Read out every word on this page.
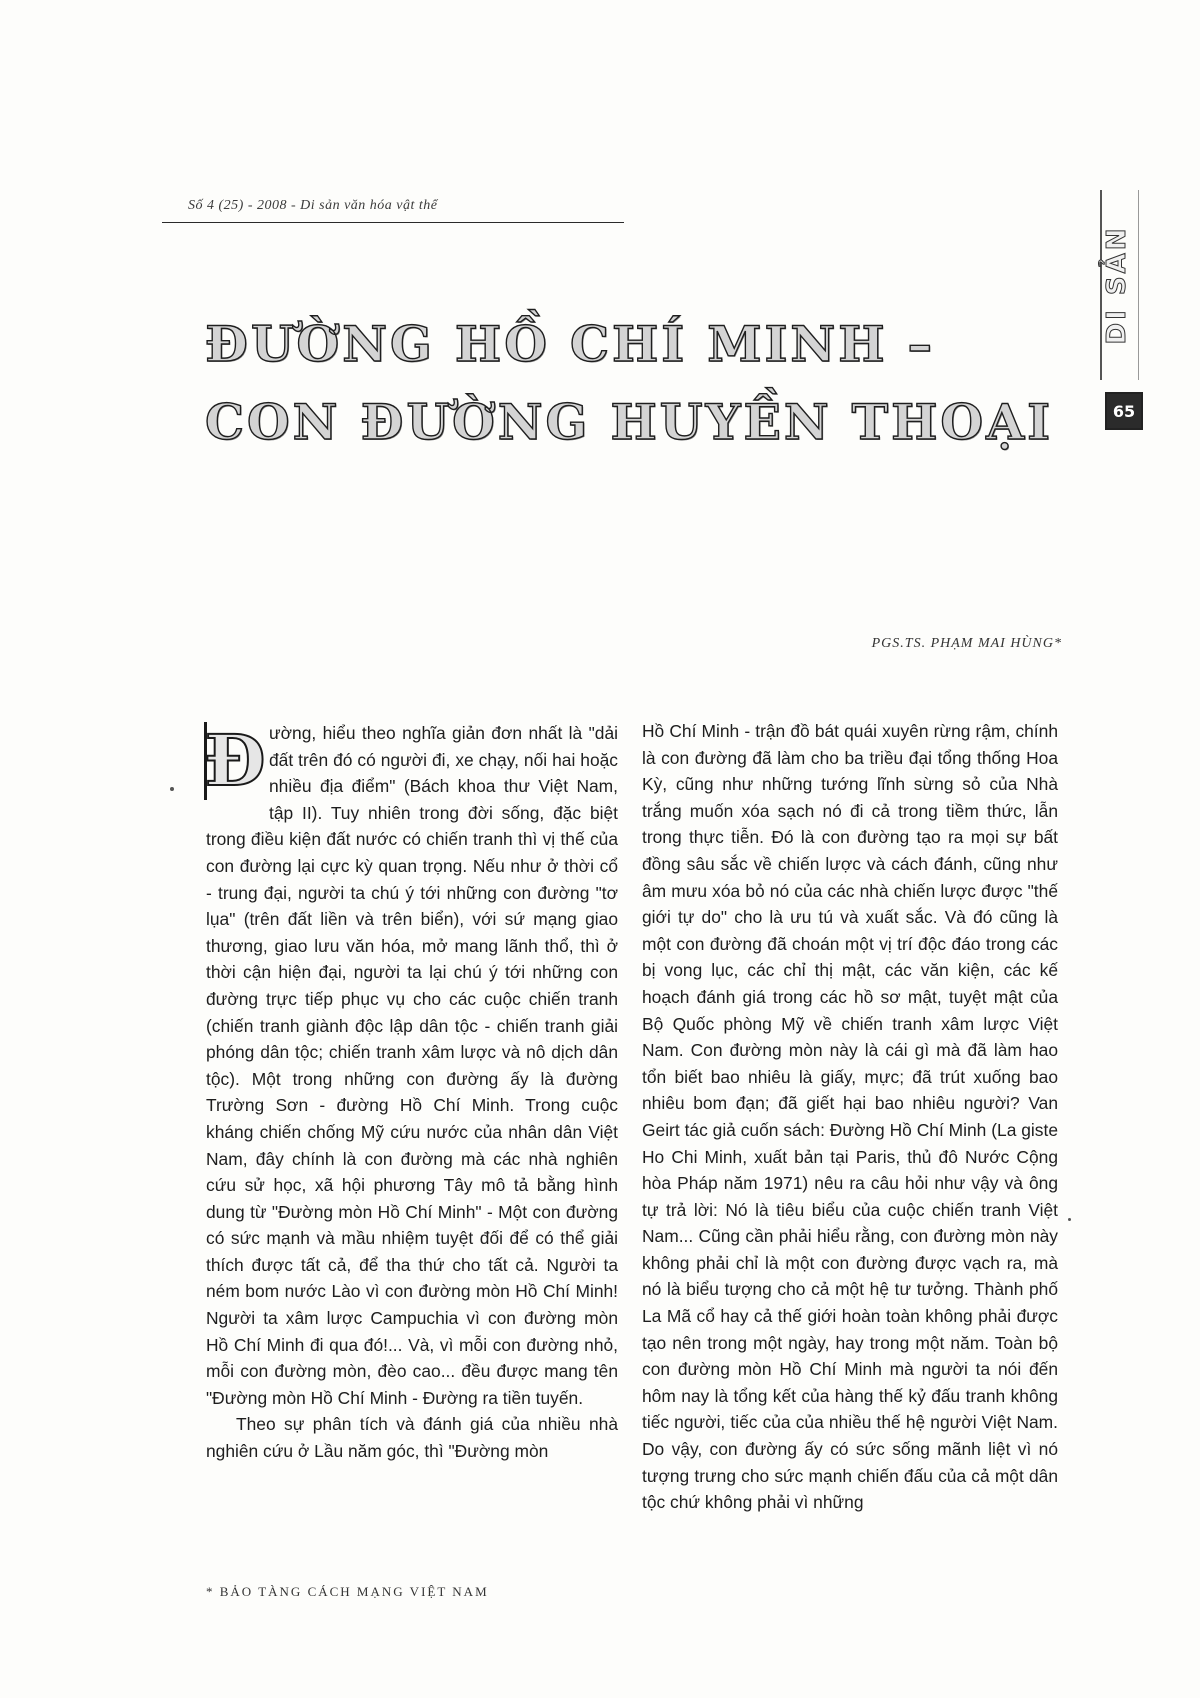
Số 4 (25) - 2008 - Di sản văn hóa vật thể
ĐƯỜNG HỒ CHÍ MINH –
CON ĐƯỜNG HUYỀN THOẠI
DI SẢN
65
PGS.TS. PHẠM MAI HÙNG*

Đ ường, hiểu theo nghĩa giản đơn nhất là "dải đất trên đó có người đi, xe chạy, nối hai hoặc nhiều địa điểm" (Bách khoa thư Việt Nam, tập II). Tuy nhiên trong đời sống, đặc biệt trong điều kiện đất nước có chiến tranh thì vị thế của con đường lại cực kỳ quan trọng. Nếu như ở thời cổ - trung đại, người ta chú ý tới những con đường "tơ lụa" (trên đất liền và trên biển), với sứ mạng giao thương, giao lưu văn hóa, mở mang lãnh thổ, thì ở thời cận hiện đại, người ta lại chú ý tới những con đường trực tiếp phục vụ cho các cuộc chiến tranh (chiến tranh giành độc lập dân tộc - chiến tranh giải phóng dân tộc; chiến tranh xâm lược và nô dịch dân tộc). Một trong những con đường ấy là đường Trường Sơn - đường Hồ Chí Minh. Trong cuộc kháng chiến chống Mỹ cứu nước của nhân dân Việt Nam, đây chính là con đường mà các nhà nghiên cứu sử học, xã hội phương Tây mô tả bằng hình dung từ "Đường mòn Hồ Chí Minh" - Một con đường có sức mạnh và mầu nhiệm tuyệt đối để có thể giải thích được tất cả, để tha thứ cho tất cả. Người ta ném bom nước Lào vì con đường mòn Hồ Chí Minh! Người ta xâm lược Campuchia vì con đường mòn Hồ Chí Minh đi qua đó!... Và, vì mỗi con đường nhỏ, mỗi con đường mòn, đèo cao... đều được mang tên "Đường mòn Hồ Chí Minh - Đường ra tiền tuyến.

Theo sự phân tích và đánh giá của nhiều nhà nghiên cứu ở Lầu năm góc, thì "Đường mòn

Hồ Chí Minh - trận đồ bát quái xuyên rừng rậm, chính là con đường đã làm cho ba triều đại tổng thống Hoa Kỳ, cũng như những tướng lĩnh sừng sỏ của Nhà trắng muốn xóa sạch nó đi cả trong tiềm thức, lẫn trong thực tiễn. Đó là con đường tạo ra mọi sự bất đồng sâu sắc về chiến lược và cách đánh, cũng như âm mưu xóa bỏ nó của các nhà chiến lược được "thế giới tự do" cho là ưu tú và xuất sắc. Và đó cũng là một con đường đã choán một vị trí độc đáo trong các bị vong lục, các chỉ thị mật, các văn kiện, các kế hoạch đánh giá trong các hồ sơ mật, tuyệt mật của Bộ Quốc phòng Mỹ về chiến tranh xâm lược Việt Nam. Con đường mòn này là cái gì mà đã làm hao tổn biết bao nhiêu là giấy, mực; đã trút xuống bao nhiêu bom đạn; đã giết hại bao nhiêu người? Van Geirt tác giả cuốn sách: Đường Hồ Chí Minh (La giste Ho Chi Minh, xuất bản tại Paris, thủ đô Nước Cộng hòa Pháp năm 1971) nêu ra câu hỏi như vậy và ông tự trả lời: Nó là tiêu biểu của cuộc chiến tranh Việt Nam... Cũng cần phải hiểu rằng, con đường mòn này không phải chỉ là một con đường được vạch ra, mà nó là biểu tượng cho cả một hệ tư tưởng. Thành phố La Mã cổ hay cả thế giới hoàn toàn không phải được tạo nên trong một ngày, hay trong một năm. Toàn bộ con đường mòn Hồ Chí Minh mà người ta nói đến hôm nay là tổng kết của hàng thế kỷ đấu tranh không tiếc người, tiếc của của nhiều thế hệ người Việt Nam. Do vậy, con đường ấy có sức sống mãnh liệt vì nó tượng trưng cho sức mạnh chiến đấu của cả một dân tộc chứ không phải vì những

* BẢO TÀNG CÁCH MẠNG VIỆT NAM
